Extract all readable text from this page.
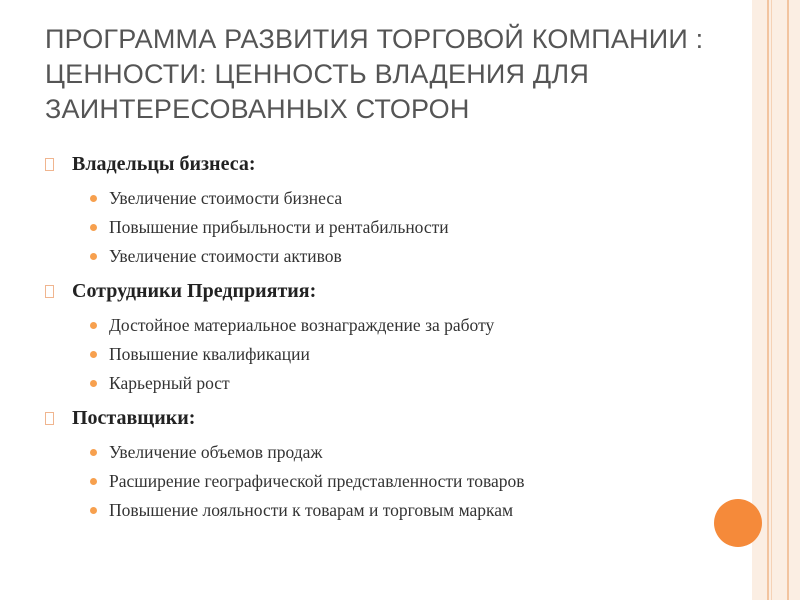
ПРОГРАММА РАЗВИТИЯ ТОРГОВОЙ КОМПАНИИ : ЦЕННОСТИ: ЦЕННОСТЬ ВЛАДЕНИЯ ДЛЯ ЗАИНТЕРЕСОВАННЫХ СТОРОН
Владельцы бизнеса:
Увеличение стоимости бизнеса
Повышение прибыльности и рентабильности
Увеличение стоимости активов
Сотрудники Предприятия:
Достойное материальное вознаграждение за работу
Повышение квалификации
Карьерный рост
Поставщики:
Увеличение объемов продаж
Расширение географической представленности товаров
Повышение лояльности к товарам и торговым маркам
